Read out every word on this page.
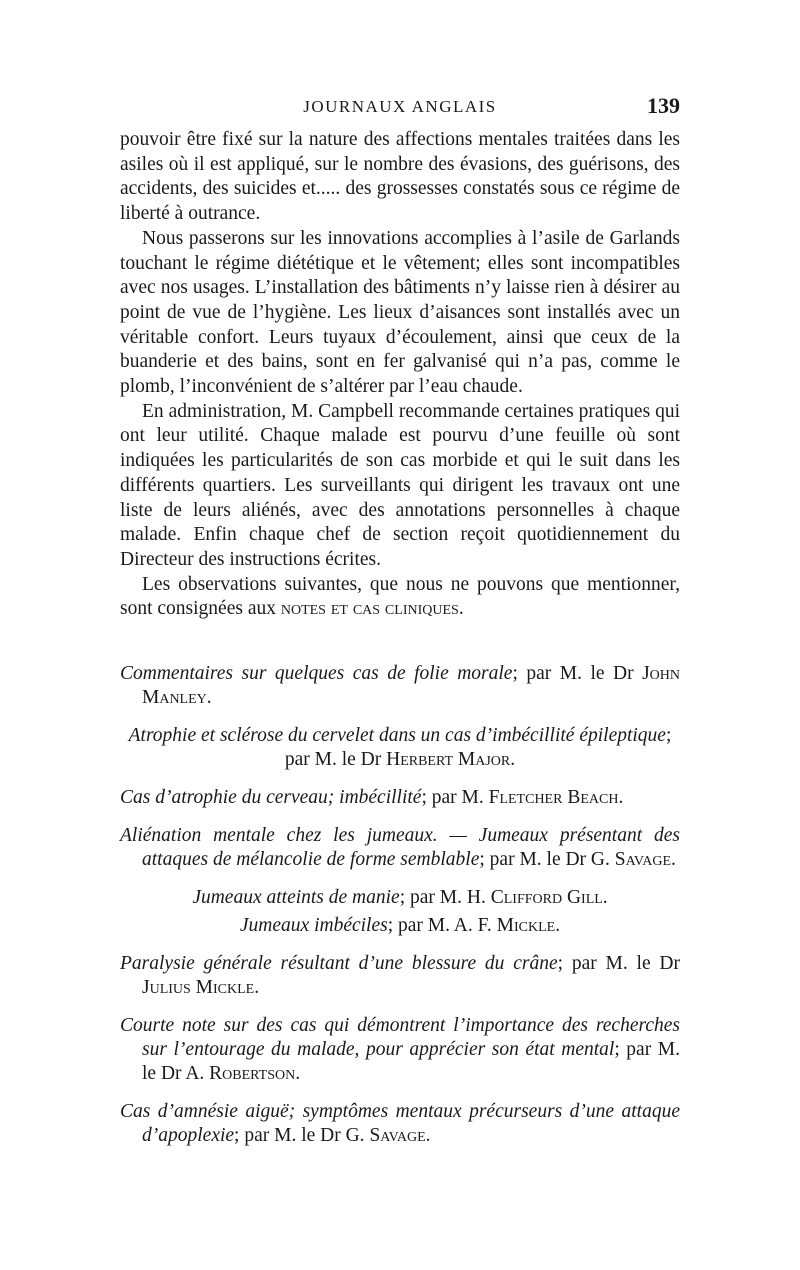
JOURNAUX ANGLAIS	139

pouvoir être fixé sur la nature des affections mentales traitées dans les asiles où il est appliqué, sur le nombre des évasions, des guérisons, des accidents, des suicides et..... des grossesses constatés sous ce régime de liberté à outrance.

Nous passerons sur les innovations accomplies à l’asile de Garlands touchant le régime diététique et le vêtement; elles sont incompatibles avec nos usages. L’installation des bâtiments n’y laisse rien à désirer au point de vue de l’hygiène. Les lieux d’aisances sont installés avec un véritable confort. Leurs tuyaux d’écoulement, ainsi que ceux de la buanderie et des bains, sont en fer galvanisé qui n’a pas, comme le plomb, l’inconvénient de s’altérer par l’eau chaude.

En administration, M. Campbell recommande certaines pratiques qui ont leur utilité. Chaque malade est pourvu d’une feuille où sont indiquées les particularités de son cas morbide et qui le suit dans les différents quartiers. Les surveillants qui dirigent les travaux ont une liste de leurs aliénés, avec des annotations personnelles à chaque malade. Enfin chaque chef de section reçoit quotidiennement du Directeur des instructions écrites.

Les observations suivantes, que nous ne pouvons que mentionner, sont consignées aux notes et cas cliniques.

Commentaires sur quelques cas de folie morale; par M. le Dr John Manley.
Atrophie et sclérose du cervelet dans un cas d’imbécillité épileptique; par M. le Dr Herbert Major.
Cas d’atrophie du cerveau; imbécillité; par M. Fletcher Beach.
Aliénation mentale chez les jumeaux. — Jumeaux présentant des attaques de mélancolie de forme semblable; par M. le Dr G. Savage.
Jumeaux atteints de manie; par M. H. Clifford Gill.
Jumeaux imbéciles; par M. A. F. Mickle.
Paralysie générale résultant d’une blessure du crâne; par M. le Dr Julius Mickle.
Courte note sur des cas qui démontrent l’importance des recherches sur l’entourage du malade, pour apprécier son état mental; par M. le Dr A. Robertson.
Cas d’amnésie aiguë; symptômes mentaux précurseurs d’une attaque d’apoplexie; par M. le Dr G. Savage.
